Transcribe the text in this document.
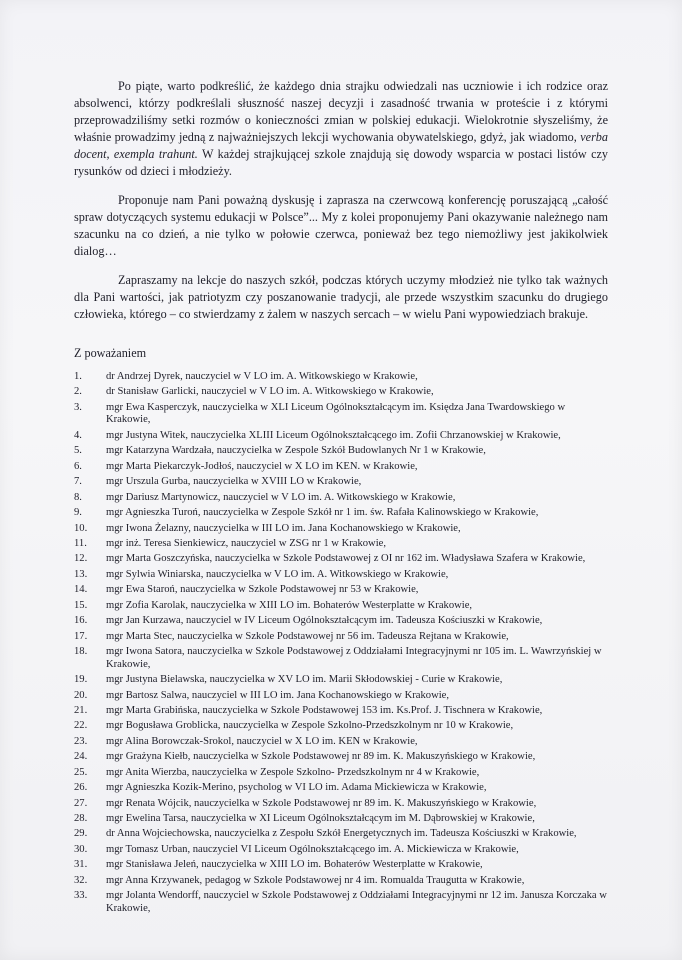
Po piąte, warto podkreślić, że każdego dnia strajku odwiedzali nas uczniowie i ich rodzice oraz absolwenci, którzy podkreślali słuszność naszej decyzji i zasadność trwania w proteście i z którymi przeprowadziliśmy setki rozmów o konieczności zmian w polskiej edukacji. Wielokrotnie słyszeliśmy, że właśnie prowadzimy jedną z najważniejszych lekcji wychowania obywatelskiego, gdyż, jak wiadomo, verba docent, exempla trahunt. W każdej strajkującej szkole znajdują się dowody wsparcia w postaci listów czy rysunków od dzieci i młodzieży.

Proponuje nam Pani poważną dyskusję i zaprasza na czerwcową konferencję poruszającą „całość spraw dotyczących systemu edukacji w Polsce”... My z kolei proponujemy Pani okazywanie należnego nam szacunku na co dzień, a nie tylko w połowie czerwca, ponieważ bez tego niemożliwy jest jakikolwiek dialog…

Zapraszamy na lekcje do naszych szkół, podczas których uczymy młodzież nie tylko tak ważnych dla Pani wartości, jak patriotyzm czy poszanowanie tradycji, ale przede wszystkim szacunku do drugiego człowieka, którego – co stwierdzamy z żalem w naszych sercach – w wielu Pani wypowiedziach brakuje.

Z poważaniem
1.	dr Andrzej Dyrek, nauczyciel w V LO im. A. Witkowskiego w Krakowie,
2.	dr Stanisław Garlicki, nauczyciel w V LO im. A. Witkowskiego w Krakowie,
3.	mgr Ewa Kasperczyk, nauczycielka w XLI Liceum Ogólnokształcącym im. Księdza Jana Twardowskiego w Krakowie,
4.	mgr Justyna Witek, nauczycielka XLIII Liceum Ogólnokształcącego im. Zofii Chrzanowskiej w Krakowie,
5.	mgr Katarzyna Wardzała, nauczycielka w Zespole Szkół Budowlanych Nr 1 w Krakowie,
6.	mgr Marta Piekarczyk-Jodłoś, nauczyciel w X LO im KEN. w Krakowie,
7.	mgr Urszula Gurba, nauczycielka w XVIII LO w Krakowie,
8.	mgr Dariusz Martynowicz, nauczyciel w V LO im. A. Witkowskiego w Krakowie,
9.	mgr Agnieszka Turoń, nauczycielka w Zespole Szkół nr 1 im. św. Rafała Kalinowskiego w Krakowie,
10.	mgr Iwona Żelazny, nauczycielka w III LO im. Jana Kochanowskiego w Krakowie,
11.	mgr inż. Teresa Sienkiewicz, nauczyciel w ZSG nr 1 w Krakowie,
12.	mgr Marta Goszczyńska, nauczycielka w Szkole Podstawowej z OI nr 162 im. Władysława Szafera w Krakowie,
13.	mgr Sylwia Winiarska, nauczycielka w V LO im. A. Witkowskiego w Krakowie,
14.	mgr Ewa Staroń, nauczycielka w Szkole Podstawowej nr 53 w Krakowie,
15.	mgr Zofia Karolak, nauczycielka w XIII LO im. Bohaterów Westerplatte w Krakowie,
16.	mgr Jan Kurzawa, nauczyciel w IV Liceum Ogólnokształcącym im. Tadeusza Kościuszki w Krakowie,
17.	mgr Marta Stec, nauczycielka w Szkole Podstawowej nr 56 im. Tadeusza Rejtana w Krakowie,
18.	mgr Iwona Satora, nauczycielka w Szkole Podstawowej z Oddziałami Integracyjnymi nr 105 im. L. Wawrzyńskiej w Krakowie,
19.	mgr Justyna Bielawska, nauczycielka w XV LO im. Marii Skłodowskiej - Curie w Krakowie,
20.	mgr Bartosz Salwa, nauczyciel w III LO im. Jana Kochanowskiego w Krakowie,
21.	mgr Marta Grabińska, nauczycielka w Szkole Podstawowej 153 im. Ks.Prof. J. Tischnera w Krakowie,
22.	mgr Bogusława Groblicka, nauczycielka w Zespole Szkolno-Przedszkolnym nr 10 w Krakowie,
23.	mgr Alina Borowczak-Srokol, nauczyciel w X LO im. KEN w Krakowie,
24.	mgr Grażyna Kiełb, nauczycielka w Szkole Podstawowej nr 89 im. K. Makuszyńskiego w Krakowie,
25.	mgr Anita Wierzba, nauczycielka w Zespole Szkolno- Przedszkolnym nr 4 w Krakowie,
26.	mgr Agnieszka Kozik-Merino, psycholog w VI LO im. Adama Mickiewicza w Krakowie,
27.	mgr Renata Wójcik, nauczycielka w Szkole Podstawowej nr 89 im. K. Makuszyńskiego w Krakowie,
28.	mgr Ewelina Tarsa, nauczycielka w XI Liceum Ogólnokształcącym im M. Dąbrowskiej w Krakowie,
29.	dr Anna Wojciechowska, nauczycielka z Zespołu Szkół Energetycznych im. Tadeusza Kościuszki w Krakowie,
30.	mgr Tomasz Urban, nauczyciel VI Liceum Ogólnokształcącego im. A. Mickiewicza w Krakowie,
31.	mgr Stanisława Jeleń, nauczycielka w XIII LO im. Bohaterów Westerplatte w Krakowie,
32.	mgr Anna Krzywanek, pedagog w Szkole Podstawowej nr 4 im. Romualda Traugutta w Krakowie,
33.	mgr Jolanta Wendorff, nauczyciel w Szkole Podstawowej z Oddziałami Integracyjnymi nr 12 im. Janusza Korczaka w Krakowie,
